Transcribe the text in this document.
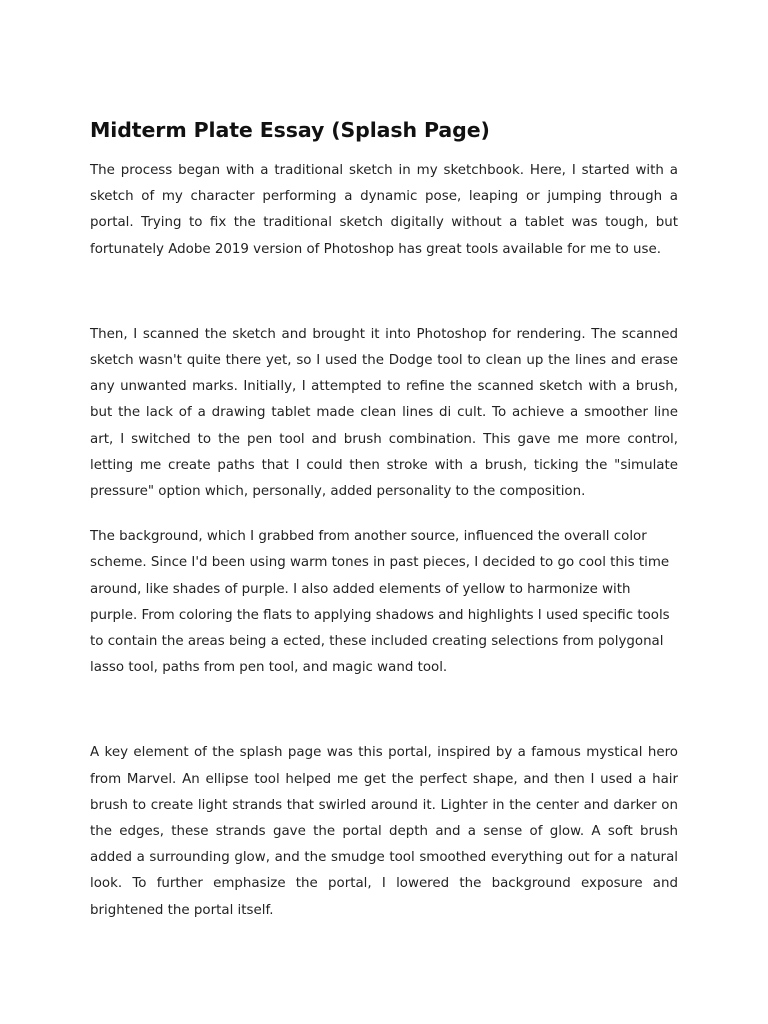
Midterm Plate Essay (Splash Page)

The process began with a traditional sketch in my sketchbook. Here, I started with a sketch of my character performing a dynamic pose, leaping or jumping through a portal. Trying to fix the traditional sketch digitally without a tablet was tough, but fortunately Adobe 2019 version of Photoshop has great tools available for me to use.

Then, I scanned the sketch and brought it into Photoshop for rendering. The scanned sketch wasn't quite there yet, so I used the Dodge tool to clean up the lines and erase any unwanted marks. Initially, I attempted to refine the scanned sketch with a brush, but the lack of a drawing tablet made clean lines di cult. To achieve a smoother line art, I switched to the pen tool and brush combination. This gave me more control, letting me create paths that I could then stroke with a brush, ticking the "simulate pressure" option which, personally, added personality to the composition.

The background, which I grabbed from another source, influenced the overall color scheme. Since I'd been using warm tones in past pieces, I decided to go cool this time around, like shades of purple. I also added elements of yellow to harmonize with purple. From coloring the flats to applying shadows and highlights I used specific tools to contain the areas being a ected, these included creating selections from polygonal lasso tool, paths from pen tool, and magic wand tool.

A key element of the splash page was this portal, inspired by a famous mystical hero from Marvel. An ellipse tool helped me get the perfect shape, and then I used a hair brush to create light strands that swirled around it. Lighter in the center and darker on the edges, these strands gave the portal depth and a sense of glow. A soft brush added a surrounding glow, and the smudge tool smoothed everything out for a natural look. To further emphasize the portal, I lowered the background exposure and brightened the portal itself.
